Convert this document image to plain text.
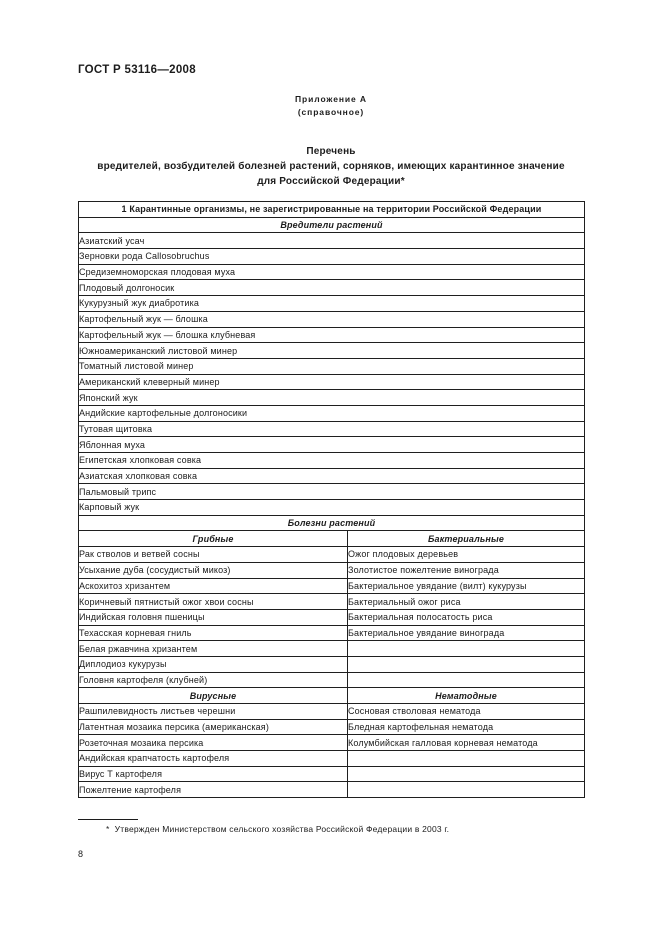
ГОСТ Р 53116—2008
Приложение А
(справочное)
Перечень
вредителей, возбудителей болезней растений, сорняков, имеющих карантинное значение
для Российской Федерации*
1 Карантинные организмы, не зарегистрированные на территории Российской Федерации	
Вредители растений	
Азиатский усач	
Зерновки рода Callosobruchus	
Средиземноморская плодовая муха	
Плодовый долгоносик	
Кукурузный жук диабротика	
Картофельный жук — блошка	
Картофельный жук — блошка клубневая	
Южноамериканский листовой минер	
Томатный листовой минер	
Американский клеверный минер	
Японский жук	
Андийские картофельные долгоносики	
Тутовая щитовка	
Яблонная муха	
Египетская хлопковая совка	
Азиатская хлопковая совка	
Пальмовый трипс	
Карповый жук	
Болезни растений	
Грибные	Бактериальные
Рак стволов и ветвей сосны	Ожог плодовых деревьев
Усыхание дуба (сосудистый микоз)	Золотистое пожелтение винограда
Аскохитоз хризантем	Бактериальное увядание (вилт) кукурузы
Коричневый пятнистый ожог хвои сосны	Бактериальный ожог риса
Индийская головня пшеницы	Бактериальная полосатость риса
Техасская корневая гниль	Бактериальное увядание винограда
Белая ржавчина хризантем	
Диплодиоз кукурузы	
Головня картофеля (клубней)	
Вирусные	Нематодные
Рашпилевидность листьев черешни	Сосновая стволовая нематода
Латентная мозаика персика (американская)	Бледная картофельная нематода
Розеточная мозаика персика	Колумбийская галловая корневая нематода
Андийская крапчатость картофеля	
Вирус Т картофеля	
Пожелтение картофеля	
*  Утвержден Министерством сельского хозяйства Российской Федерации в 2003 г.
8
